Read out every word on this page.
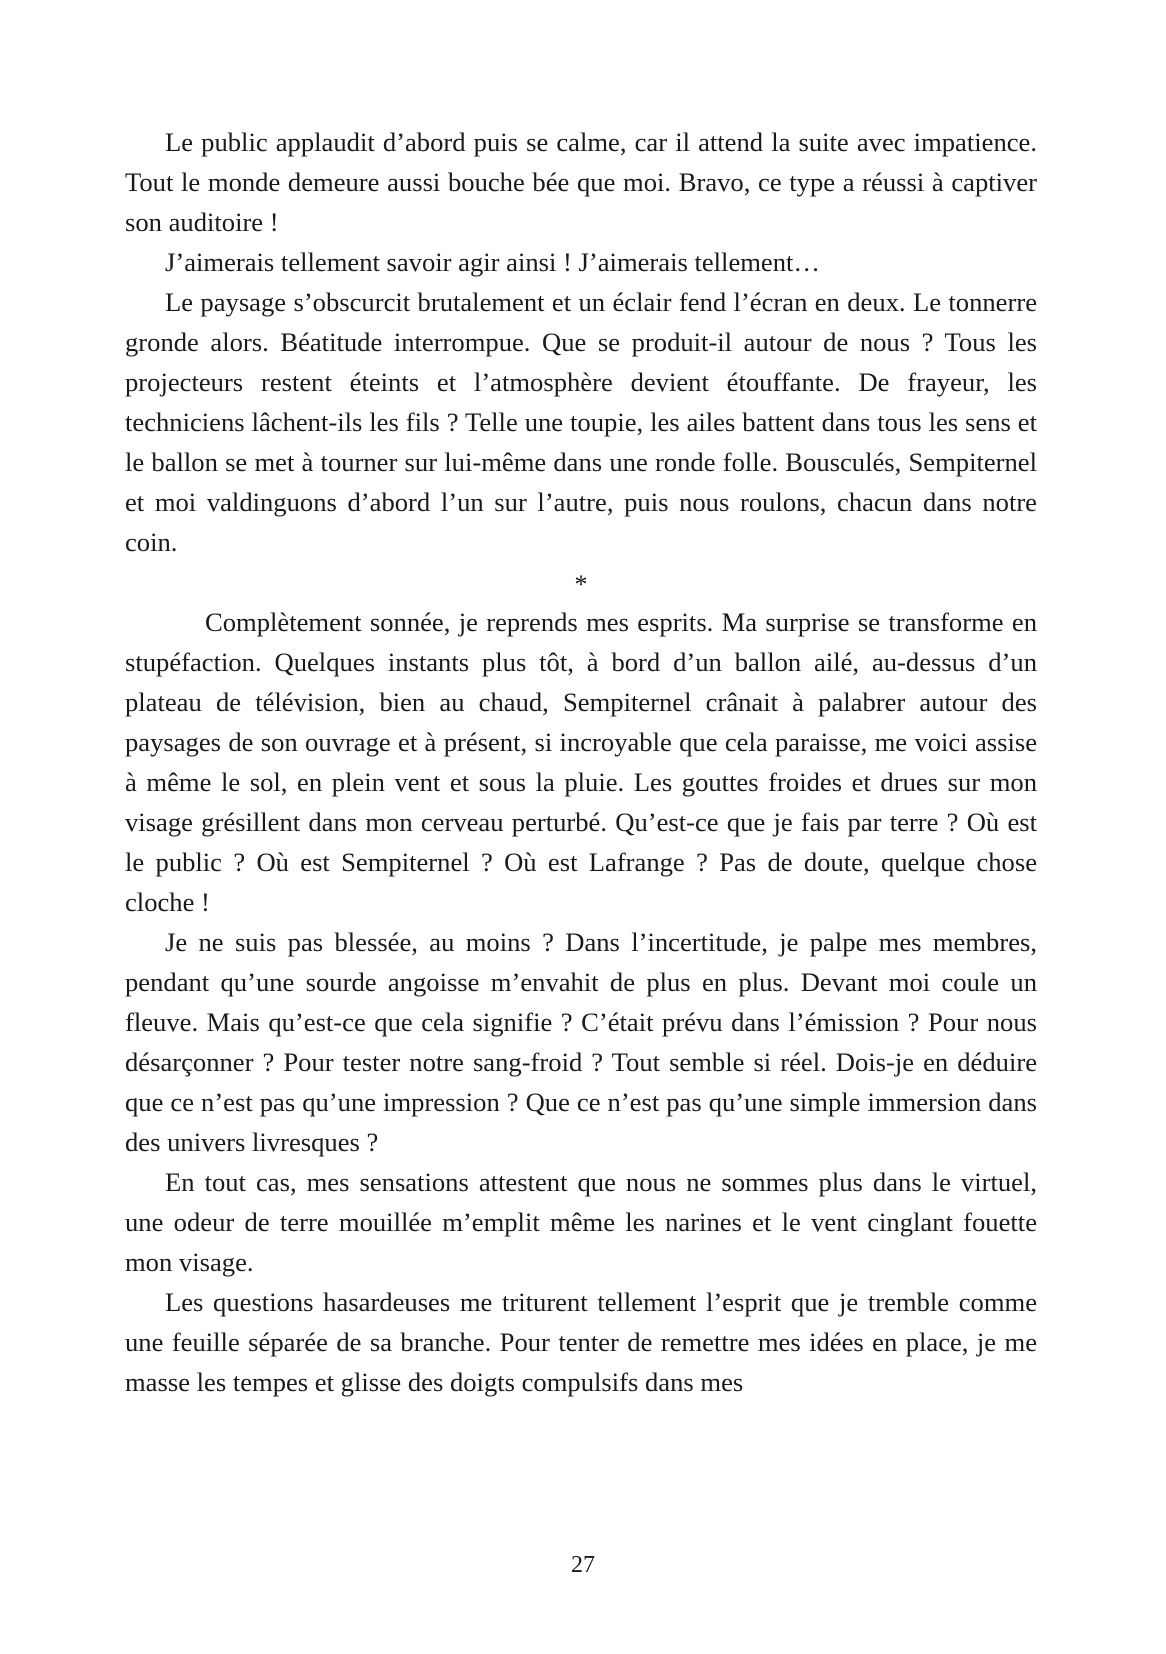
Le public applaudit d’abord puis se calme, car il attend la suite avec impatience. Tout le monde demeure aussi bouche bée que moi. Bravo, ce type a réussi à captiver son auditoire !

J’aimerais tellement savoir agir ainsi ! J’aimerais tellement…

Le paysage s’obscurcit brutalement et un éclair fend l’écran en deux. Le tonnerre gronde alors. Béatitude interrompue. Que se produit-il autour de nous ? Tous les projecteurs restent éteints et l’atmosphère devient étouffante. De frayeur, les techniciens lâchent-ils les fils ? Telle une toupie, les ailes battent dans tous les sens et le ballon se met à tourner sur lui-même dans une ronde folle. Bousculés, Sempiternel et moi valdinguons d’abord l’un sur l’autre, puis nous roulons, chacun dans notre coin.

*

Complètement sonnée, je reprends mes esprits. Ma surprise se transforme en stupéfaction. Quelques instants plus tôt, à bord d’un ballon ailé, au-dessus d’un plateau de télévision, bien au chaud, Sempiternel crânait à palabrer autour des paysages de son ouvrage et à présent, si incroyable que cela paraisse, me voici assise à même le sol, en plein vent et sous la pluie. Les gouttes froides et drues sur mon visage grésillent dans mon cerveau perturbé. Qu’est-ce que je fais par terre ? Où est le public ? Où est Sempiternel ? Où est Lafrange ? Pas de doute, quelque chose cloche !

Je ne suis pas blessée, au moins ? Dans l’incertitude, je palpe mes membres, pendant qu’une sourde angoisse m’envahit de plus en plus. Devant moi coule un fleuve. Mais qu’est-ce que cela signifie ? C’était prévu dans l’émission ? Pour nous désarçonner ? Pour tester notre sang-froid ? Tout semble si réel. Dois-je en déduire que ce n’est pas qu’une impression ? Que ce n’est pas qu’une simple immersion dans des univers livresques ?

En tout cas, mes sensations attestent que nous ne sommes plus dans le virtuel, une odeur de terre mouillée m’emplit même les narines et le vent cinglant fouette mon visage.

Les questions hasardeuses me triturent tellement l’esprit que je tremble comme une feuille séparée de sa branche. Pour tenter de remettre mes idées en place, je me masse les tempes et glisse des doigts compulsifs dans mes

27
